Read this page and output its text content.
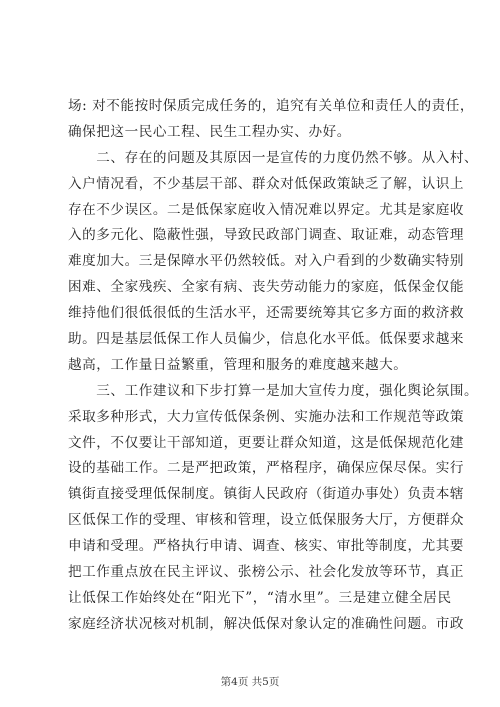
场: 对不能按时保质完成任务的，追究有关单位和责任人的责任，
确保把这一民心工程、民生工程办实、办好。
　　二、存在的问题及其原因一是宣传的力度仍然不够。从入村、
入户情况看，不少基层干部、群众对低保政策缺乏了解，认识上
存在不少误区。二是低保家庭收入情况难以界定。尤其是家庭收
入的多元化、隐蔽性强，导致民政部门调查、取证难，动态管理
难度加大。三是保障水平仍然较低。对入户看到的少数确实特别
困难、全家残疾、全家有病、丧失劳动能力的家庭，低保金仅能
维持他们很低很低的生活水平，还需要统筹其它多方面的救济救
助。四是基层低保工作人员偏少，信息化水平低。低保要求越来
越高，工作量日益繁重，管理和服务的难度越来越大。
　　三、工作建议和下步打算一是加大宣传力度，强化舆论氛围。
采取多种形式，大力宣传低保条例、实施办法和工作规范等政策
文件，不仅要让干部知道，更要让群众知道，这是低保规范化建
设的基础工作。二是严把政策，严格程序，确保应保尽保。实行
镇街直接受理低保制度。镇街人民政府（街道办事处）负责本辖
区低保工作的受理、审核和管理，设立低保服务大厅，方便群众
申请和受理。严格执行申请、调查、核实、审批等制度，尤其要
把工作重点放在民主评议、张榜公示、社会化发放等环节，真正
让低保工作始终处在“阳光下”，“清水里”。三是建立健全居民
家庭经济状况核对机制，解决低保对象认定的准确性问题。市政
第4页 共5页
